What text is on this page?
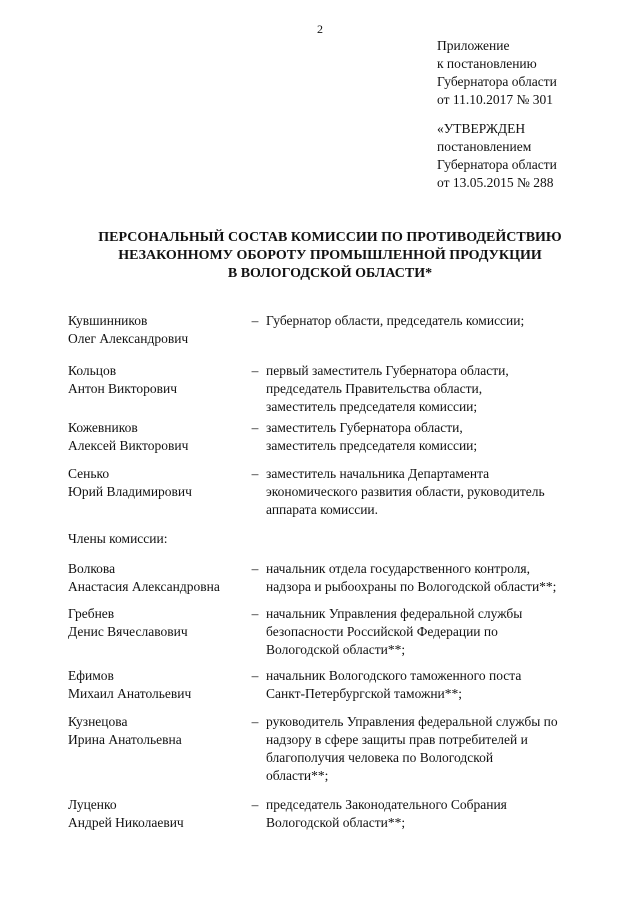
2
Приложение
к постановлению
Губернатора области
от 11.10.2017 № 301
«УТВЕРЖДЕН
постановлением
Губернатора области
от 13.05.2015 № 288
ПЕРСОНАЛЬНЫЙ СОСТАВ КОМИССИИ ПО ПРОТИВОДЕЙСТВИЮ
НЕЗАКОННОМУ ОБОРОТУ ПРОМЫШЛЕННОЙ ПРОДУКЦИИ
В ВОЛОГОДСКОЙ ОБЛАСТИ*
Кувшинников
Олег Александрович
– Губернатор области, председатель комиссии;
Кольцов
Антон Викторович
– первый заместитель Губернатора области,
председатель Правительства области,
заместитель председателя комиссии;
Кожевников
Алексей Викторович
– заместитель Губернатора области,
заместитель председателя комиссии;
Сенько
Юрий Владимирович
– заместитель начальника Департамента
экономического развития области, руководитель
аппарата комиссии.
Члены комиссии:
Волкова
Анастасия Александровна
– начальник отдела государственного контроля,
надзора и рыбоохраны по Вологодской области**;
Гребнев
Денис Вячеславович
– начальник Управления федеральной службы
безопасности Российской Федерации по
Вологодской области**;
Ефимов
Михаил Анатольевич
– начальник Вологодского таможенного поста
Санкт-Петербургской таможни**;
Кузнецова
Ирина Анатольевна
– руководитель Управления федеральной службы по
надзору в сфере защиты прав потребителей и
благополучия человека по Вологодской
области**;
Луценко
Андрей Николаевич
– председатель Законодательного Собрания
Вологодской области**;
